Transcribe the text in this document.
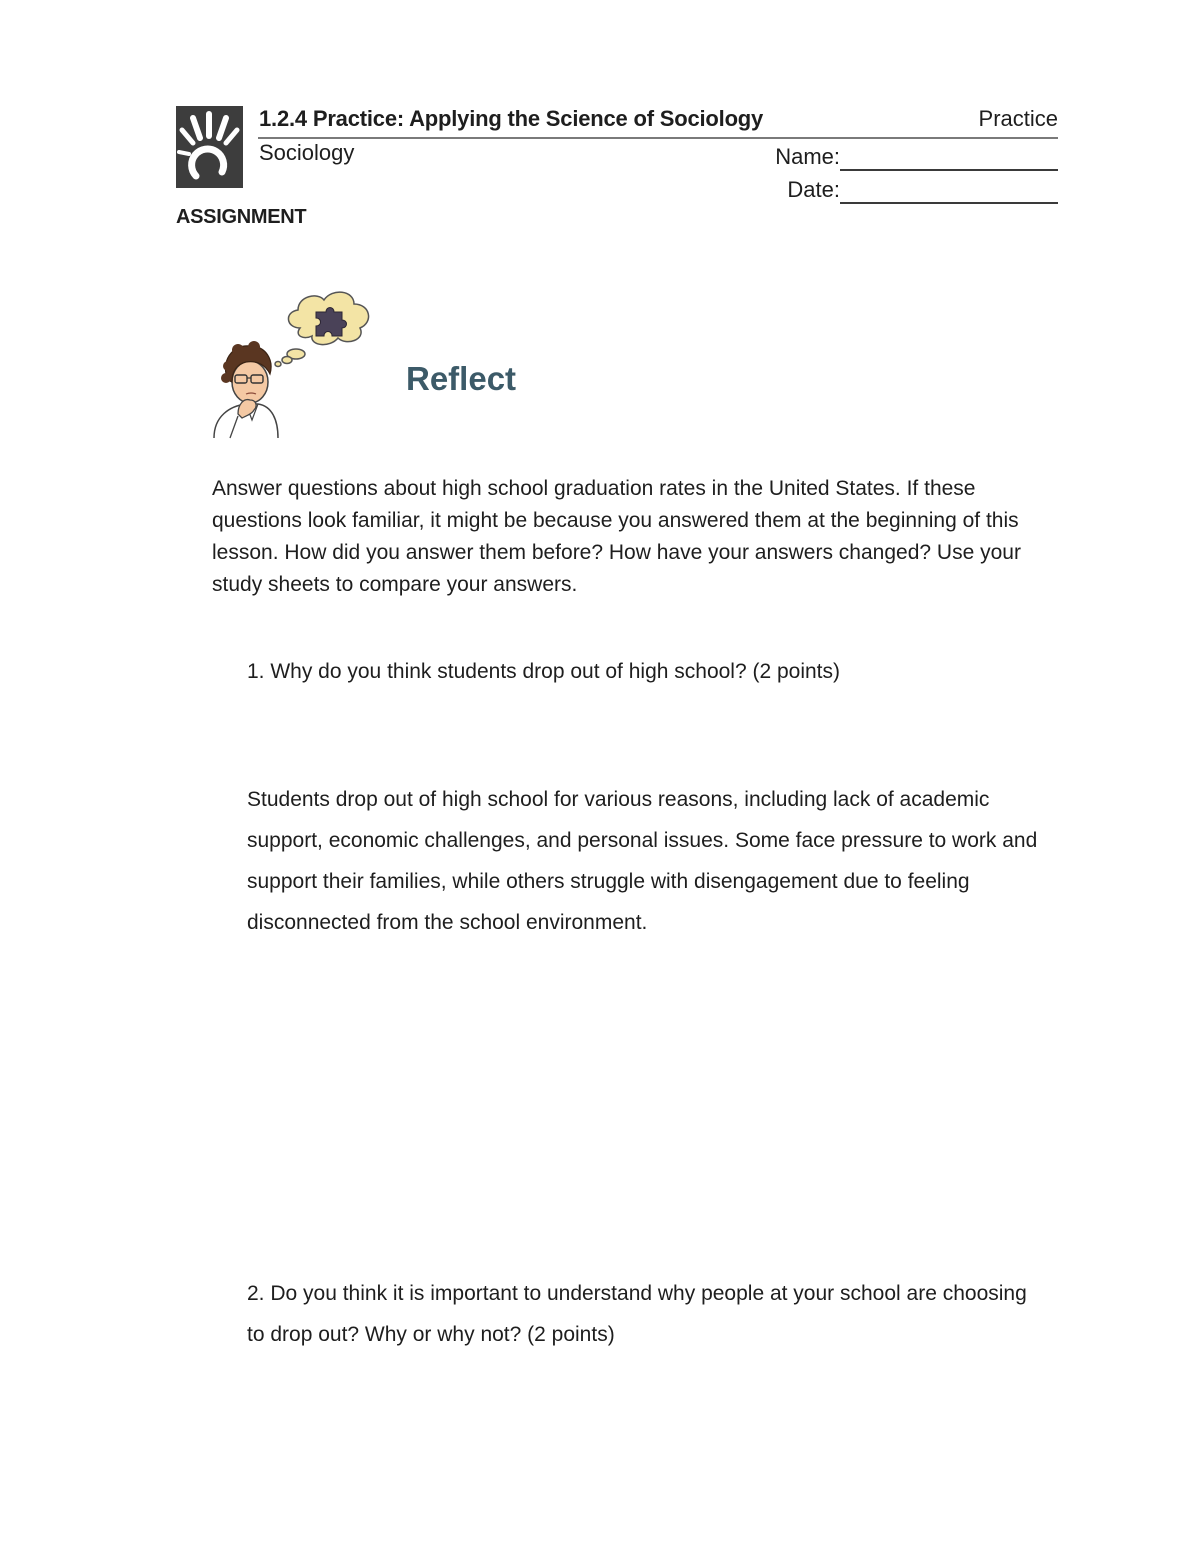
1.2.4 Practice: Applying the Science of Sociology	Practice
Sociology	Name:
Date:
ASSIGNMENT
Reflect
Answer questions about high school graduation rates in the United States. If these questions look familiar, it might be because you answered them at the beginning of this lesson. How did you answer them before? How have your answers changed? Use your study sheets to compare your answers.
1. Why do you think students drop out of high school? (2 points)
Students drop out of high school for various reasons, including lack of academic support, economic challenges, and personal issues. Some face pressure to work and support their families, while others struggle with disengagement due to feeling disconnected from the school environment.
2. Do you think it is important to understand why people at your school are choosing to drop out? Why or why not? (2 points)
